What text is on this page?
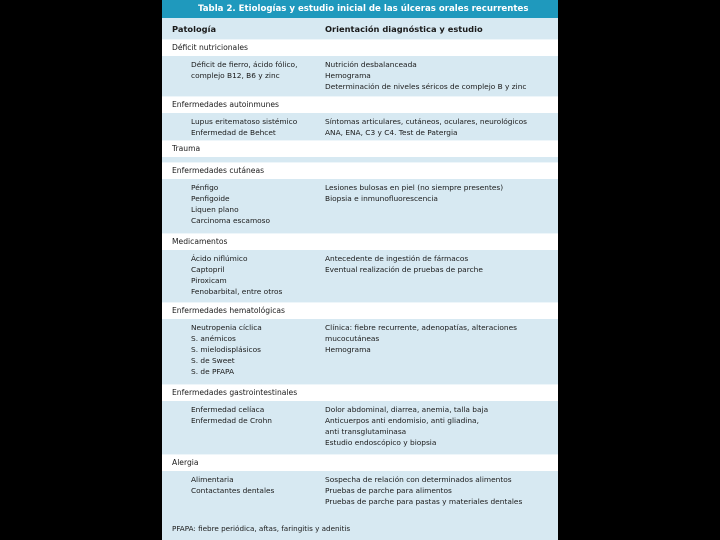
Tabla 2. Etiologías y estudio inicial de las úlceras orales recurrentes
Patología	Orientación diagnóstica y estudio
Déficit nutricionales
Déficit de fierro, ácido fólico,
complejo B12, B6 y zinc
Nutrición desbalanceada
Hemograma
Determinación de niveles séricos de complejo B y zinc
Enfermedades autoinmunes
Lupus eritematoso sistémico
Enfermedad de Behcet
Síntomas articulares, cutáneos, oculares, neurológicos
ANA, ENA, C3 y C4. Test de Patergia
Trauma
Enfermedades cutáneas
Pénfigo
Penfigoide
Liquen plano
Carcinoma escamoso
Lesiones bulosas en piel (no siempre presentes)
Biopsia e inmunofluorescencia
Medicamentos
Ácido niflúmico
Captopril
Piroxicam
Fenobarbital, entre otros
Antecedente de ingestión de fármacos
Eventual realización de pruebas de parche
Enfermedades hematológicas
Neutropenia cíclica
S. anémicos
S. mielodisplásicos
S. de Sweet
S. de PFAPA
Clínica: fiebre recurrente, adenopatías, alteraciones
mucocutáneas
Hemograma
Enfermedades gastrointestinales
Enfermedad celíaca
Enfermedad de Crohn
Dolor abdominal, diarrea, anemia, talla baja
Anticuerpos anti endomisio, anti gliadina,
anti transglutaminasa
Estudio endoscópico y biopsia
Alergia
Alimentaria
Contactantes dentales
Sospecha de relación con determinados alimentos
Pruebas de parche para alimentos
Pruebas de parche para pastas y materiales dentales
PFAPA: fiebre periódica, aftas, faringitis y adenitis
